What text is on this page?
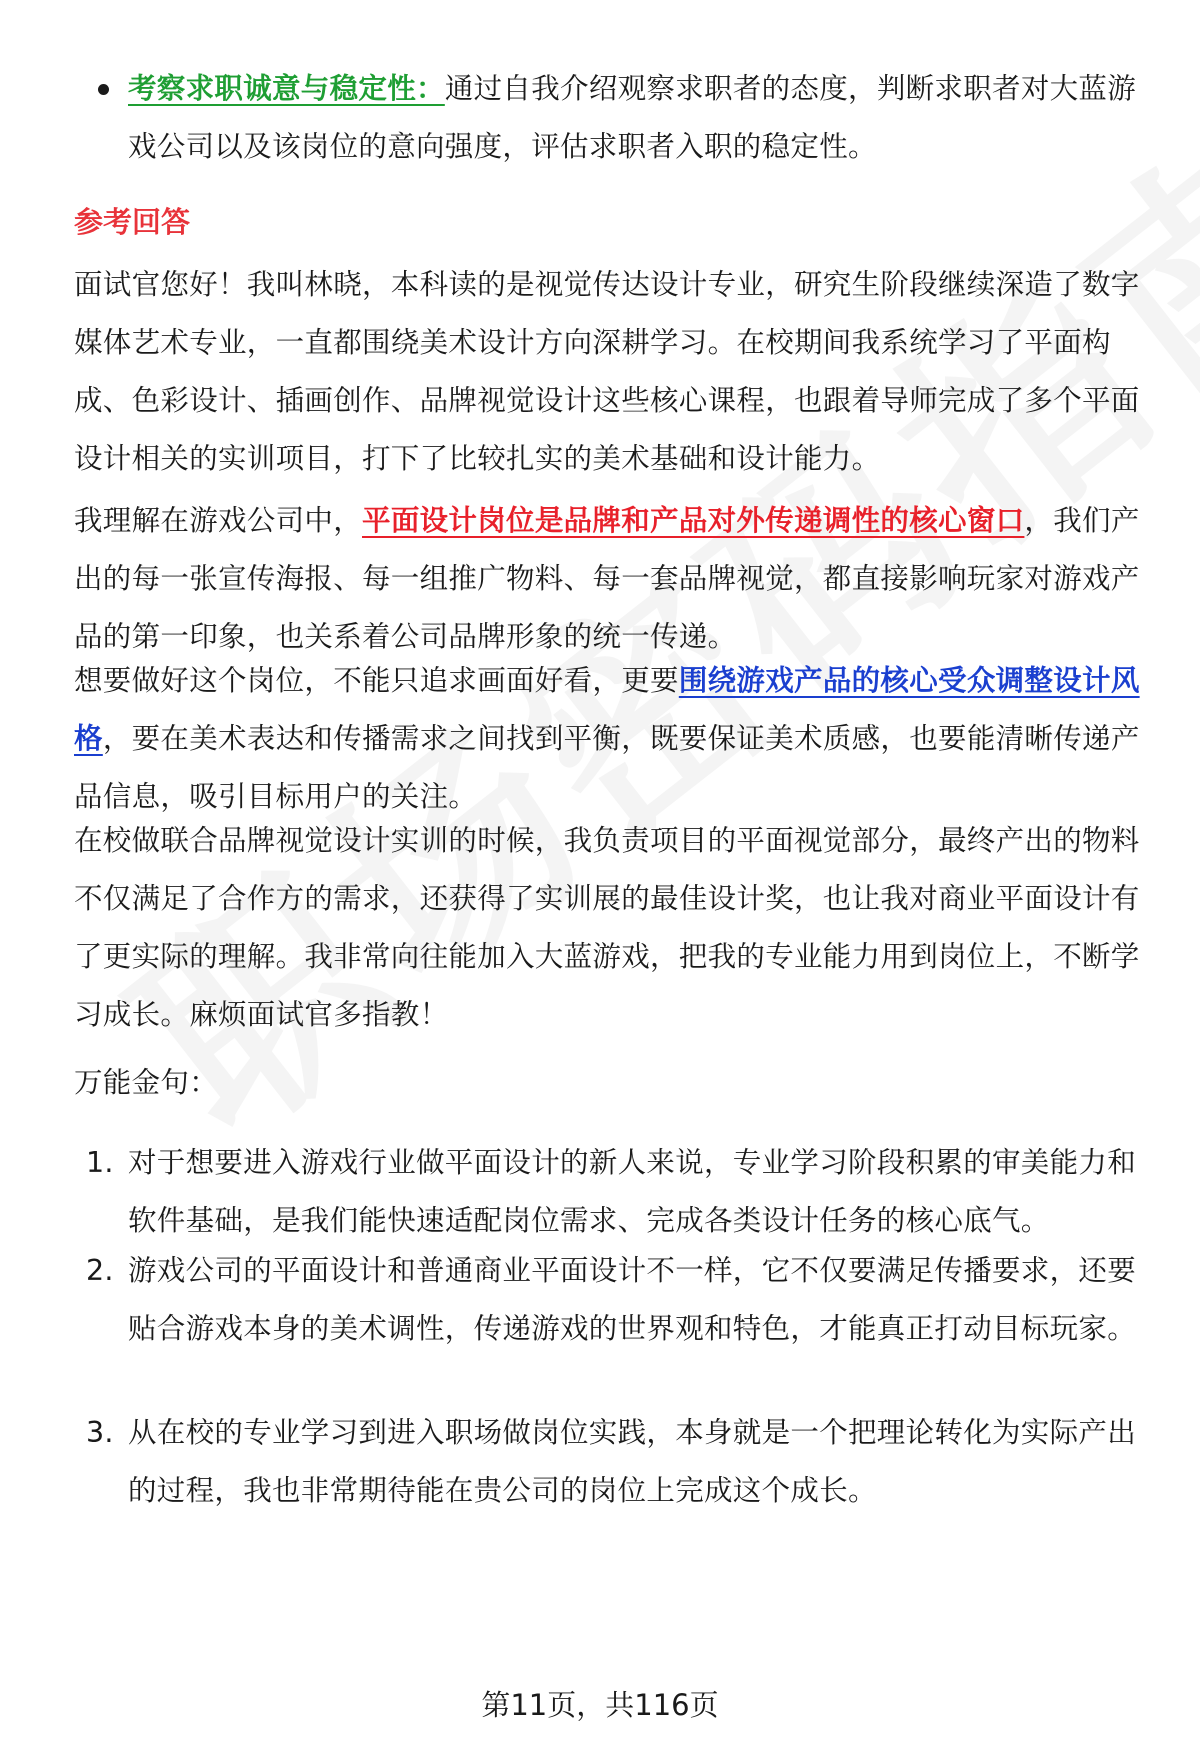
考察求职诚意与稳定性：通过自我介绍观察求职者的态度，判断求职者对大蓝游戏公司以及该岗位的意向强度，评估求职者入职的稳定性。
参考回答
面试官您好！我叫林晓，本科读的是视觉传达设计专业，研究生阶段继续深造了数字媒体艺术专业，一直都围绕美术设计方向深耕学习。在校期间我系统学习了平面构成、色彩设计、插画创作、品牌视觉设计这些核心课程，也跟着导师完成了多个平面设计相关的实训项目，打下了比较扎实的美术基础和设计能力。
我理解在游戏公司中，平面设计岗位是品牌和产品对外传递调性的核心窗口，我们产出的每一张宣传海报、每一组推广物料、每一套品牌视觉，都直接影响玩家对游戏产品的第一印象，也关系着公司品牌形象的统一传递。
想要做好这个岗位，不能只追求画面好看，更要围绕游戏产品的核心受众调整设计风格，要在美术表达和传播需求之间找到平衡，既要保证美术质感，也要能清晰传递产品信息，吸引目标用户的关注。
在校做联合品牌视觉设计实训的时候，我负责项目的平面视觉部分，最终产出的物料不仅满足了合作方的需求，还获得了实训展的最佳设计奖，也让我对商业平面设计有了更实际的理解。我非常向往能加入大蓝游戏，把我的专业能力用到岗位上，不断学习成长。麻烦面试官多指教！
万能金句：
1. 对于想要进入游戏行业做平面设计的新人来说，专业学习阶段积累的审美能力和软件基础，是我们能快速适配岗位需求、完成各类设计任务的核心底气。
2. 游戏公司的平面设计和普通商业平面设计不一样，它不仅要满足传播要求，还要贴合游戏本身的美术调性，传递游戏的世界观和特色，才能真正打动目标玩家。
3. 从在校的专业学习到进入职场做岗位实践，本身就是一个把理论转化为实际产出的过程，我也非常期待能在贵公司的岗位上完成这个成长。
第11页，共116页
